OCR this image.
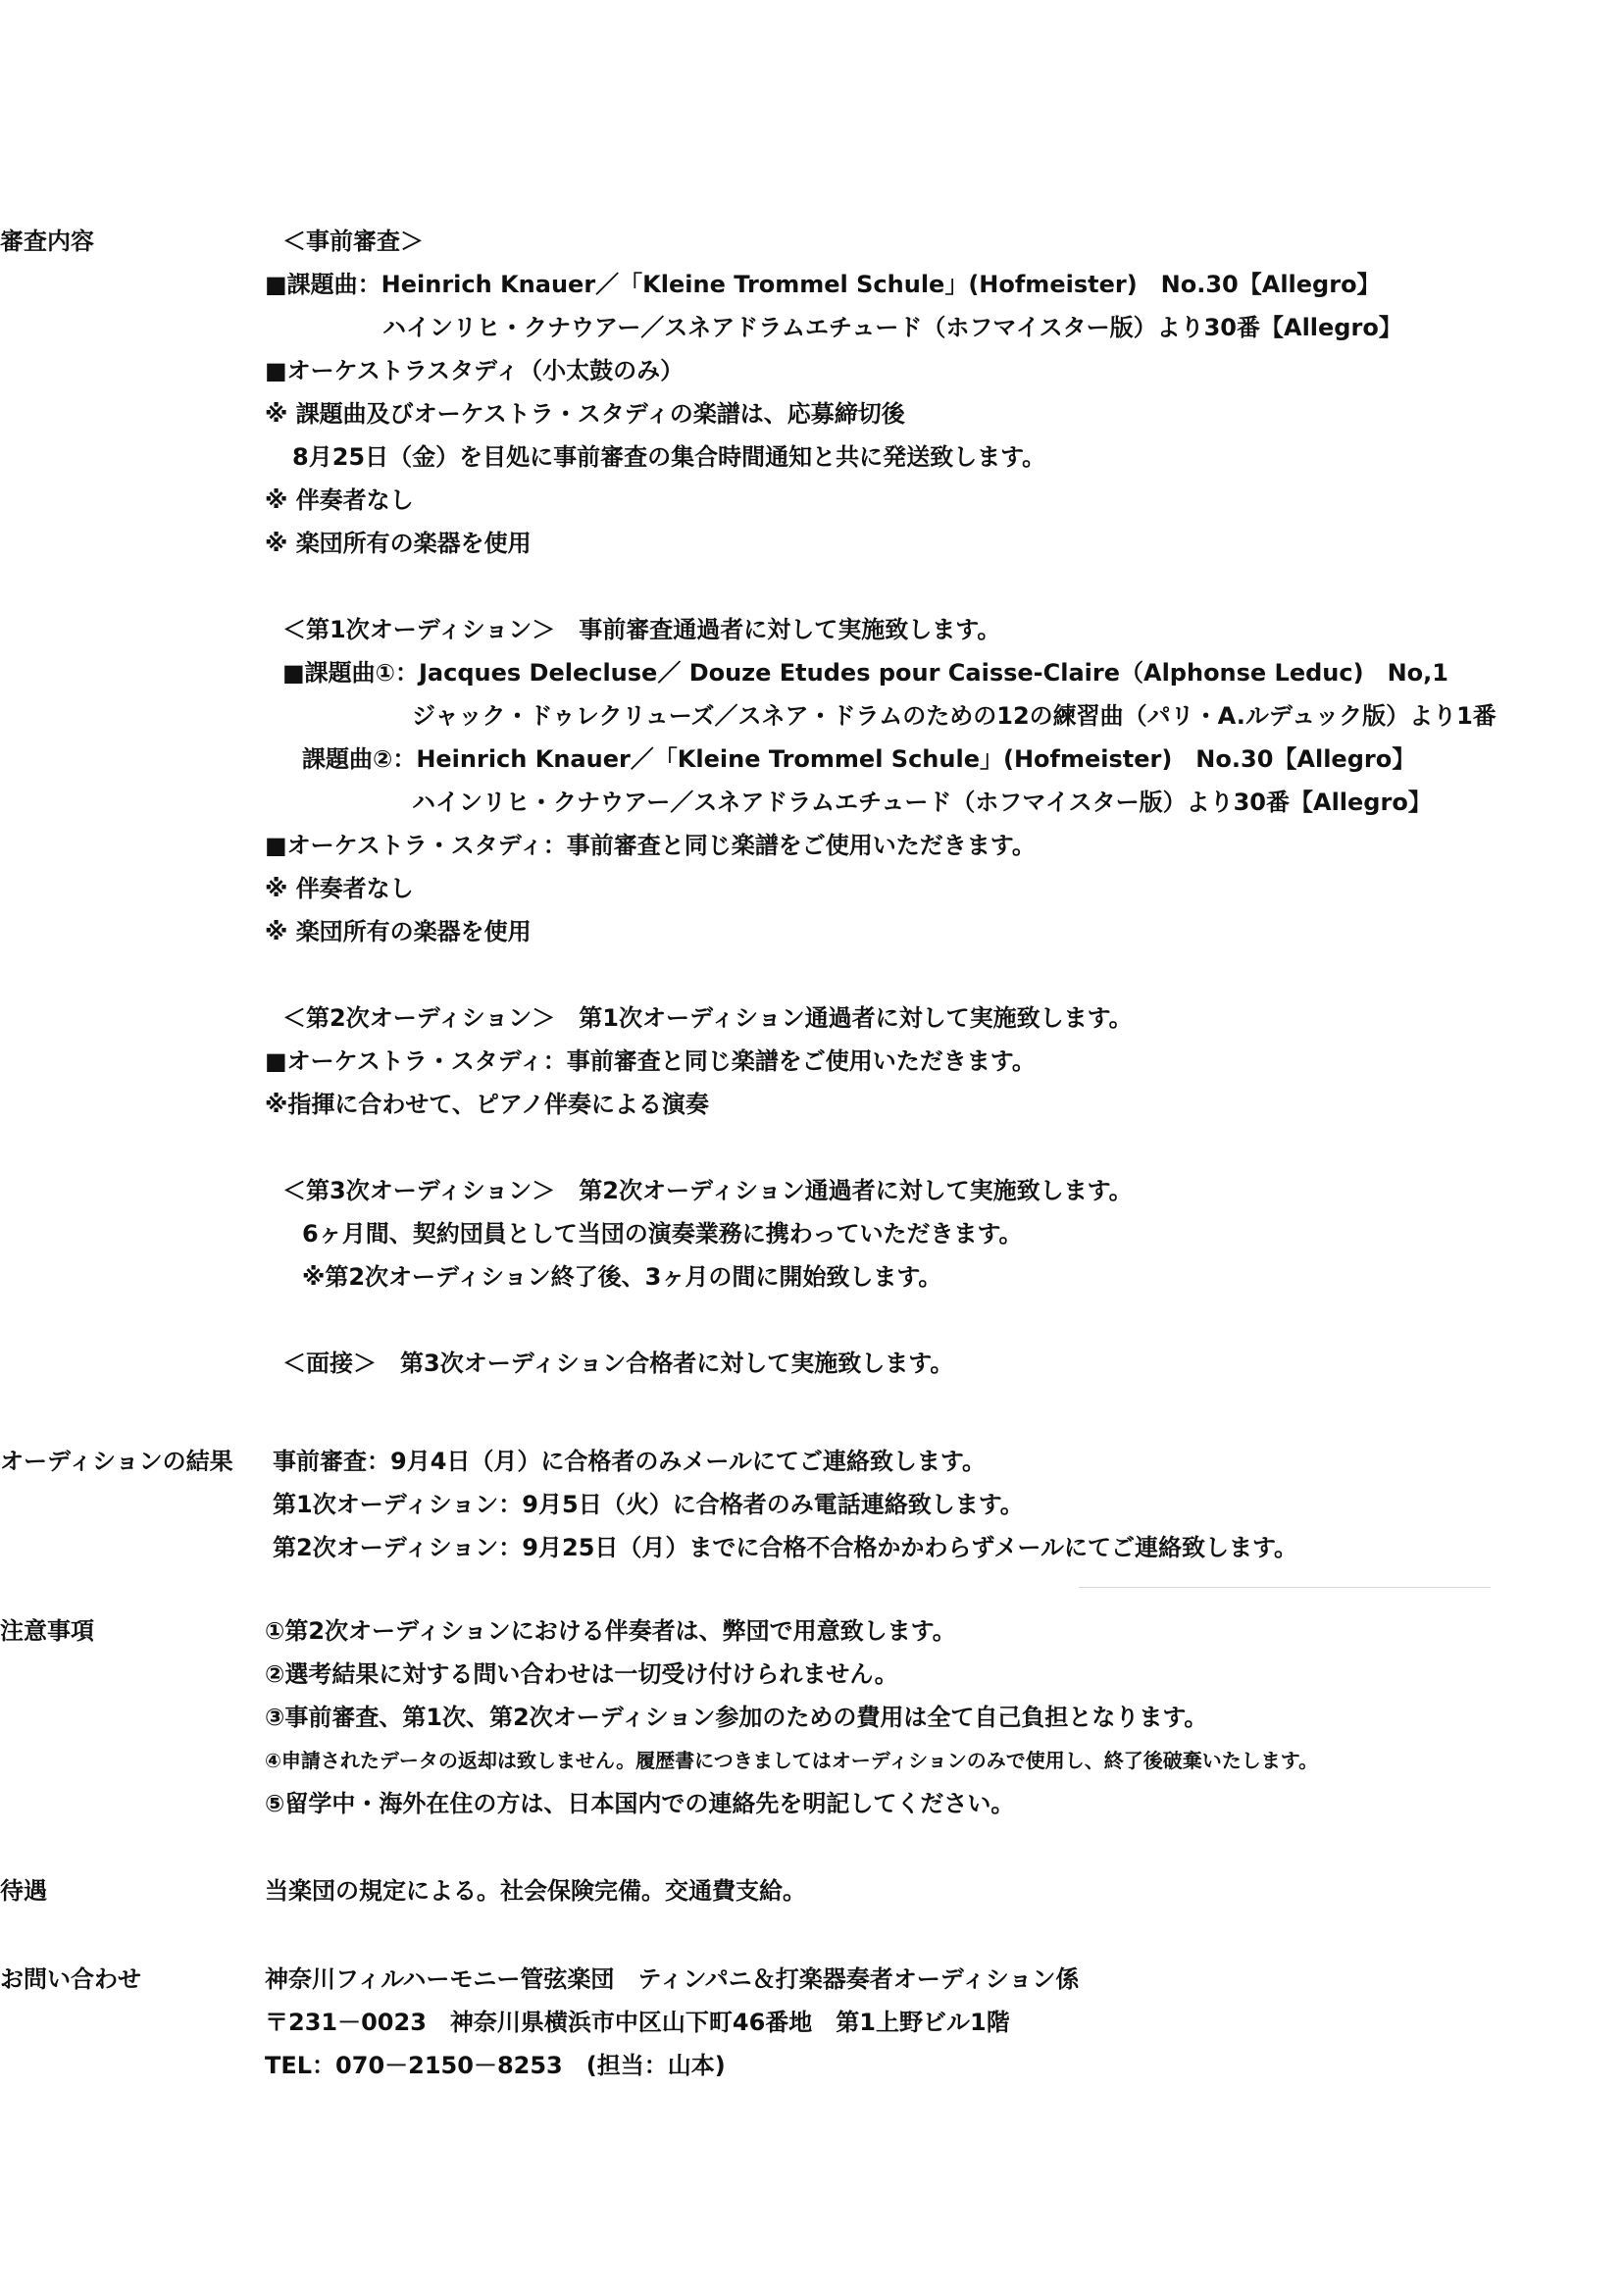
審査内容	＜事前審査＞
■課題曲：Heinrich Knauer／「Kleine Trommel Schule」(Hofmeister)　No.30【Allegro】
ハインリヒ・クナウアー／スネアドラムエチュード（ホフマイスター版）より30番【Allegro】
■オーケストラスタディ（小太鼓のみ）
※ 課題曲及びオーケストラ・スタディの楽譜は、応募締切後
8月25日（金）を目処に事前審査の集合時間通知と共に発送致します。
※ 伴奏者なし
※ 楽団所有の楽器を使用
＜第1次オーディション＞　事前審査通過者に対して実施致します。
■課題曲①：Jacques Delecluse／ Douze Etudes pour Caisse-Claire（Alphonse Leduc)　No,1
ジャック・ドゥレクリューズ／スネア・ドラムのための12の練習曲（パリ・A.ルデュック版）より1番
課題曲②：Heinrich Knauer／「Kleine Trommel Schule」(Hofmeister)　No.30【Allegro】
ハインリヒ・クナウアー／スネアドラムエチュード（ホフマイスター版）より30番【Allegro】
■オーケストラ・スタディ：事前審査と同じ楽譜をご使用いただきます。
※ 伴奏者なし
※ 楽団所有の楽器を使用
＜第2次オーディション＞　第1次オーディション通過者に対して実施致します。
■オーケストラ・スタディ：事前審査と同じ楽譜をご使用いただきます。
※指揮に合わせて、ピアノ伴奏による演奏
＜第3次オーディション＞　第2次オーディション通過者に対して実施致します。
6ヶ月間、契約団員として当団の演奏業務に携わっていただきます。
※第2次オーディション終了後、3ヶ月の間に開始致します。
＜面接＞　第3次オーディション合格者に対して実施致します。
オーディションの結果 事前審査：9月4日（月）に合格者のみメールにてご連絡致します。
第1次オーディション：9月5日（火）に合格者のみ電話連絡致します。
第2次オーディション：9月25日（月）までに合格不合格かかわらずメールにてご連絡致します。
注意事項	①第2次オーディションにおける伴奏者は、弊団で用意致します。
②選考結果に対する問い合わせは一切受け付けられません。
③事前審査、第1次、第2次オーディション参加のための費用は全て自己負担となります。
④申請されたデータの返却は致しません。履歴書につきましてはオーディションのみで使用し、終了後破棄いたします。
⑤留学中・海外在住の方は、日本国内での連絡先を明記してください。
待遇	当楽団の規定による。社会保険完備。交通費支給。
お問い合わせ	神奈川フィルハーモニー管弦楽団　ティンパニ＆打楽器奏者オーディション係
〒231－0023　神奈川県横浜市中区山下町46番地　第1上野ビル1階
TEL：070－2150－8253　(担当：山本)
